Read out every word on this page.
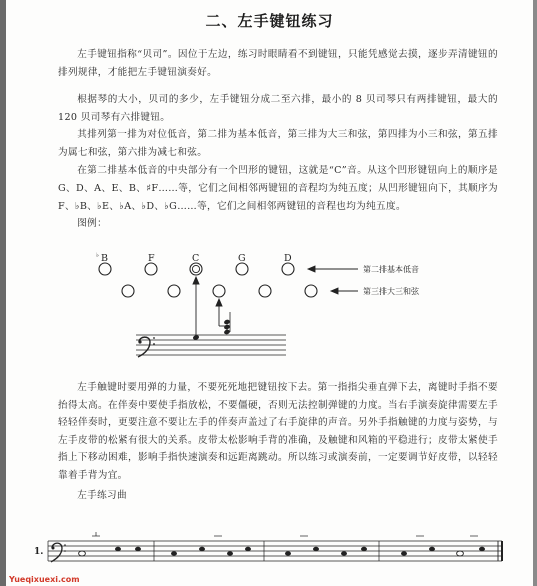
二、左手键钮练习
左手键钮指称“贝司”。因位于左边，练习时眼睛看不到键钮，只能凭感觉去摸，逐步弄清键钮的排列规律，才能把左手键钮演奏好。
根据琴的大小，贝司的多少，左手键钮分成二至六排，最小的 8 贝司琴只有两排键钮，最大的 120 贝司琴有六排键钮。
其排列第一排为对位低音，第二排为基本低音，第三排为大三和弦，第四排为小三和弦，第五排为属七和弦，第六排为减七和弦。
在第二排基本低音的中央部分有一个凹形的键钮，这就是“C”音。从这个凹形键钮向上的顺序是 G、D、A、E、B、♯F……等，它们之间相邻两键钮的音程均为纯五度；从凹形键钮向下，其顺序为 F、♭B、♭E、♭A、♭D、♭G……等，它们之间相邻两键钮的音程也均为纯五度。
图例：
♭ B	F	C	G	D
第二排基本低音
第三排大三和弦
左手触键时要用弹的力量，不要死死地把键钮按下去。第一指指尖垂直弹下去，离键时手指不要抬得太高。在伴奏中要使手指放松，不要僵硬，否则无法控制弹键的力度。当右手演奏旋律需要左手轻轻伴奏时，更要注意不要让左手的伴奏声盖过了右手旋律的声音。另外手指触键的力度与姿势，与左手皮带的松紧有很大的关系。皮带太松影响手背的准确，及触键和风箱的平稳进行；皮带太紧使手指上下移动困难，影响手指快速演奏和远距离跳动。所以练习或演奏前，一定要调节好皮带，以轻轻靠着手背为宜。
左手练习曲
1.
Yueqixuexi.com
